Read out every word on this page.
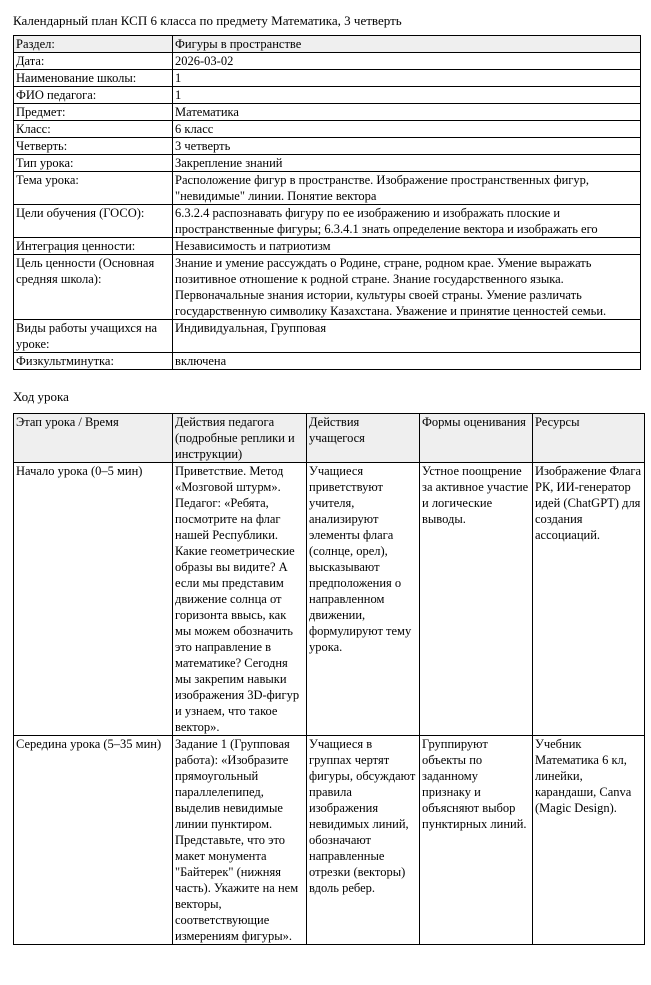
Календарный план КСП 6 класса по предмету Математика, 3 четверть
Раздел:	Фигуры в пространстве
Дата:	2026-03-02
Наименование школы:	1
ФИО педагога:	1
Предмет:	Математика
Класс:	6 класс
Четверть:	3 четверть
Тип урока:	Закрепление знаний
Тема урока:	Расположение фигур в пространстве. Изображение пространственных фигур, "невидимые" линии. Понятие вектора
Цели обучения (ГОСО):	6.3.2.4 распознавать фигуру по ее изображению и изображать плоские и пространственные фигуры; 6.3.4.1 знать определение вектора и изображать его
Интеграция ценности:	Независимость и патриотизм
Цель ценности (Основная средняя школа):	Знание и умение рассуждать о Родине, стране, родном крае. Умение выражать позитивное отношение к родной стране. Знание государственного языка. Первоначальные знания истории, культуры своей страны. Умение различать государственную символику Казахстана. Уважение и принятие ценностей семьи.
Виды работы учащихся на уроке:	Индивидуальная, Групповая
Физкультминутка:	включена
Ход урока
Этап урока / Время	Действия педагога (подробные реплики и инструкции)	Действия учащегося	Формы оценивания	Ресурсы
Начало урока (0–5 мин)	Приветствие. Метод «Мозговой штурм». Педагог: «Ребята, посмотрите на флаг нашей Республики. Какие геометрические образы вы видите? А если мы представим движение солнца от горизонта ввысь, как мы можем обозначить это направление в математике? Сегодня мы закрепим навыки изображения 3D-фигур и узнаем, что такое вектор».	Учащиеся приветствуют учителя, анализируют элементы флага (солнце, орел), высказывают предположения о направленном движении, формулируют тему урока.	Устное поощрение за активное участие и логические выводы.	Изображение Флага РК, ИИ-генератор идей (ChatGPT) для создания ассоциаций.
Середина урока (5–35 мин)	Задание 1 (Групповая работа): «Изобразите прямоугольный параллелепипед, выделив невидимые линии пунктиром. Представьте, что это макет монумента "Байтерек" (нижняя часть). Укажите на нем векторы, соответствующие измерениям фигуры».	Учащиеся в группах чертят фигуры, обсуждают правила изображения невидимых линий, обозначают направленные отрезки (векторы) вдоль ребер.	Группируют объекты по заданному признаку и объясняют выбор пунктирных линий.	Учебник Математика 6 кл, линейки, карандаши, Canva (Magic Design).
